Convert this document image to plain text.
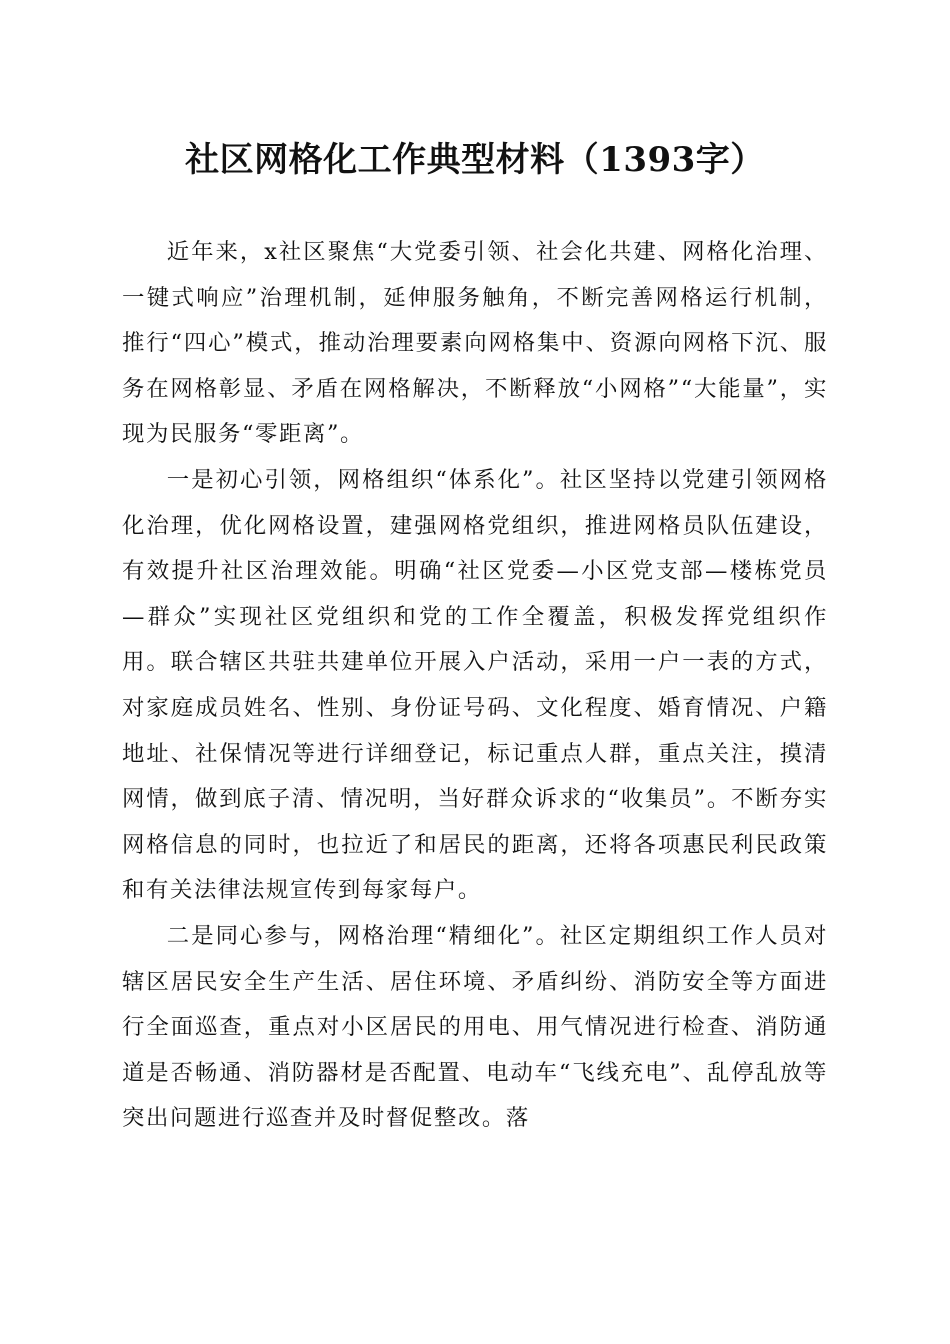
社区网格化工作典型材料（1393字）

近年来，x社区聚焦“大党委引领、社会化共建、网格化治理、一键式响应”治理机制，延伸服务触角，不断完善网格运行机制，推行“四心”模式，推动治理要素向网格集中、资源向网格下沉、服务在网格彰显、矛盾在网格解决，不断释放“小网格”“大能量”，实现为民服务“零距离”。

一是初心引领，网格组织“体系化”。社区坚持以党建引领网格化治理，优化网格设置，建强网格党组织，推进网格员队伍建设，有效提升社区治理效能。明确“社区党委—小区党支部—楼栋党员—群众”实现社区党组织和党的工作全覆盖，积极发挥党组织作用。联合辖区共驻共建单位开展入户活动，采用一户一表的方式，对家庭成员姓名、性别、身份证号码、文化程度、婚育情况、户籍地址、社保情况等进行详细登记，标记重点人群，重点关注，摸清网情，做到底子清、情况明，当好群众诉求的“收集员”。不断夯实网格信息的同时，也拉近了和居民的距离，还将各项惠民利民政策和有关法律法规宣传到每家每户。

二是同心参与，网格治理“精细化”。社区定期组织工作人员对辖区居民安全生产生活、居住环境、矛盾纠纷、消防安全等方面进行全面巡查，重点对小区居民的用电、用气情况进行检查、消防通道是否畅通、消防器材是否配置、电动车“飞线充电”、乱停乱放等突出问题进行巡查并及时督促整改。落
